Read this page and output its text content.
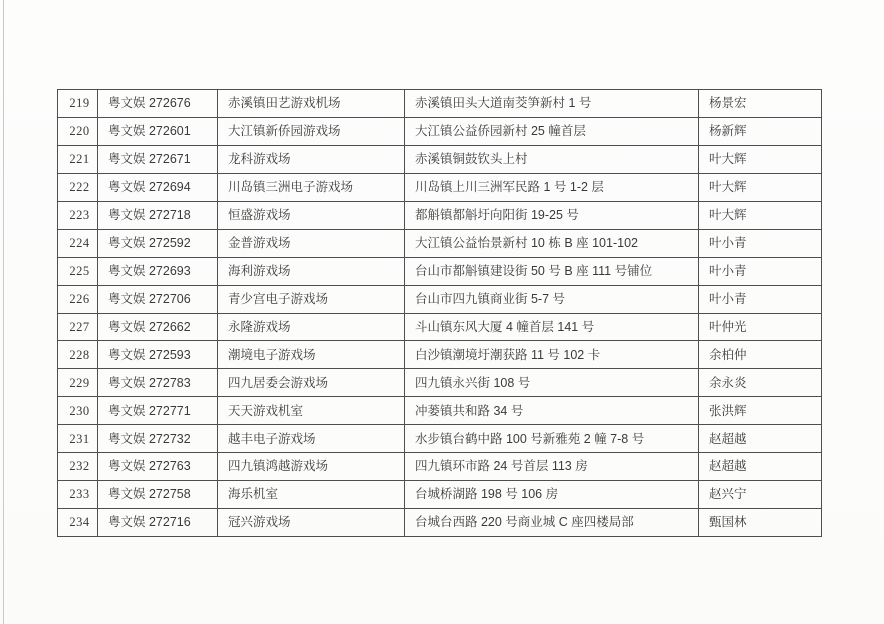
219	粤文娱 272676	赤溪镇田艺游戏机场	赤溪镇田头大道南茭笋新村 1 号	杨景宏
220	粤文娱 272601	大江镇新侨园游戏场	大江镇公益侨园新村 25 幢首层	杨新辉
221	粤文娱 272671	龙科游戏场	赤溪镇铜鼓钦头上村	叶大辉
222	粤文娱 272694	川岛镇三洲电子游戏场	川岛镇上川三洲军民路 1 号 1-2 层	叶大辉
223	粤文娱 272718	恒盛游戏场	都斛镇都斛圩向阳街 19-25 号	叶大辉
224	粤文娱 272592	金普游戏场	大江镇公益怡景新村 10 栋 B 座 101-102	叶小青
225	粤文娱 272693	海利游戏场	台山市都斛镇建设街 50 号 B 座 111 号铺位	叶小青
226	粤文娱 272706	青少宫电子游戏场	台山市四九镇商业街 5-7 号	叶小青
227	粤文娱 272662	永隆游戏场	斗山镇东风大厦 4 幢首层 141 号	叶仲光
228	粤文娱 272593	潮境电子游戏场	白沙镇潮境圩潮获路 11 号 102 卡	余柏仲
229	粤文娱 272783	四九居委会游戏场	四九镇永兴街 108 号	余永炎
230	粤文娱 272771	天天游戏机室	冲蒌镇共和路 34 号	张洪辉
231	粤文娱 272732	越丰电子游戏场	水步镇台鹤中路 100 号新雅苑 2 幢 7-8 号	赵超越
232	粤文娱 272763	四九镇鸿越游戏场	四九镇环市路 24 号首层 113 房	赵超越
233	粤文娱 272758	海乐机室	台城桥湖路 198 号 106 房	赵兴宁
234	粤文娱 272716	冠兴游戏场	台城台西路 220 号商业城 C 座四楼局部	甄国林
